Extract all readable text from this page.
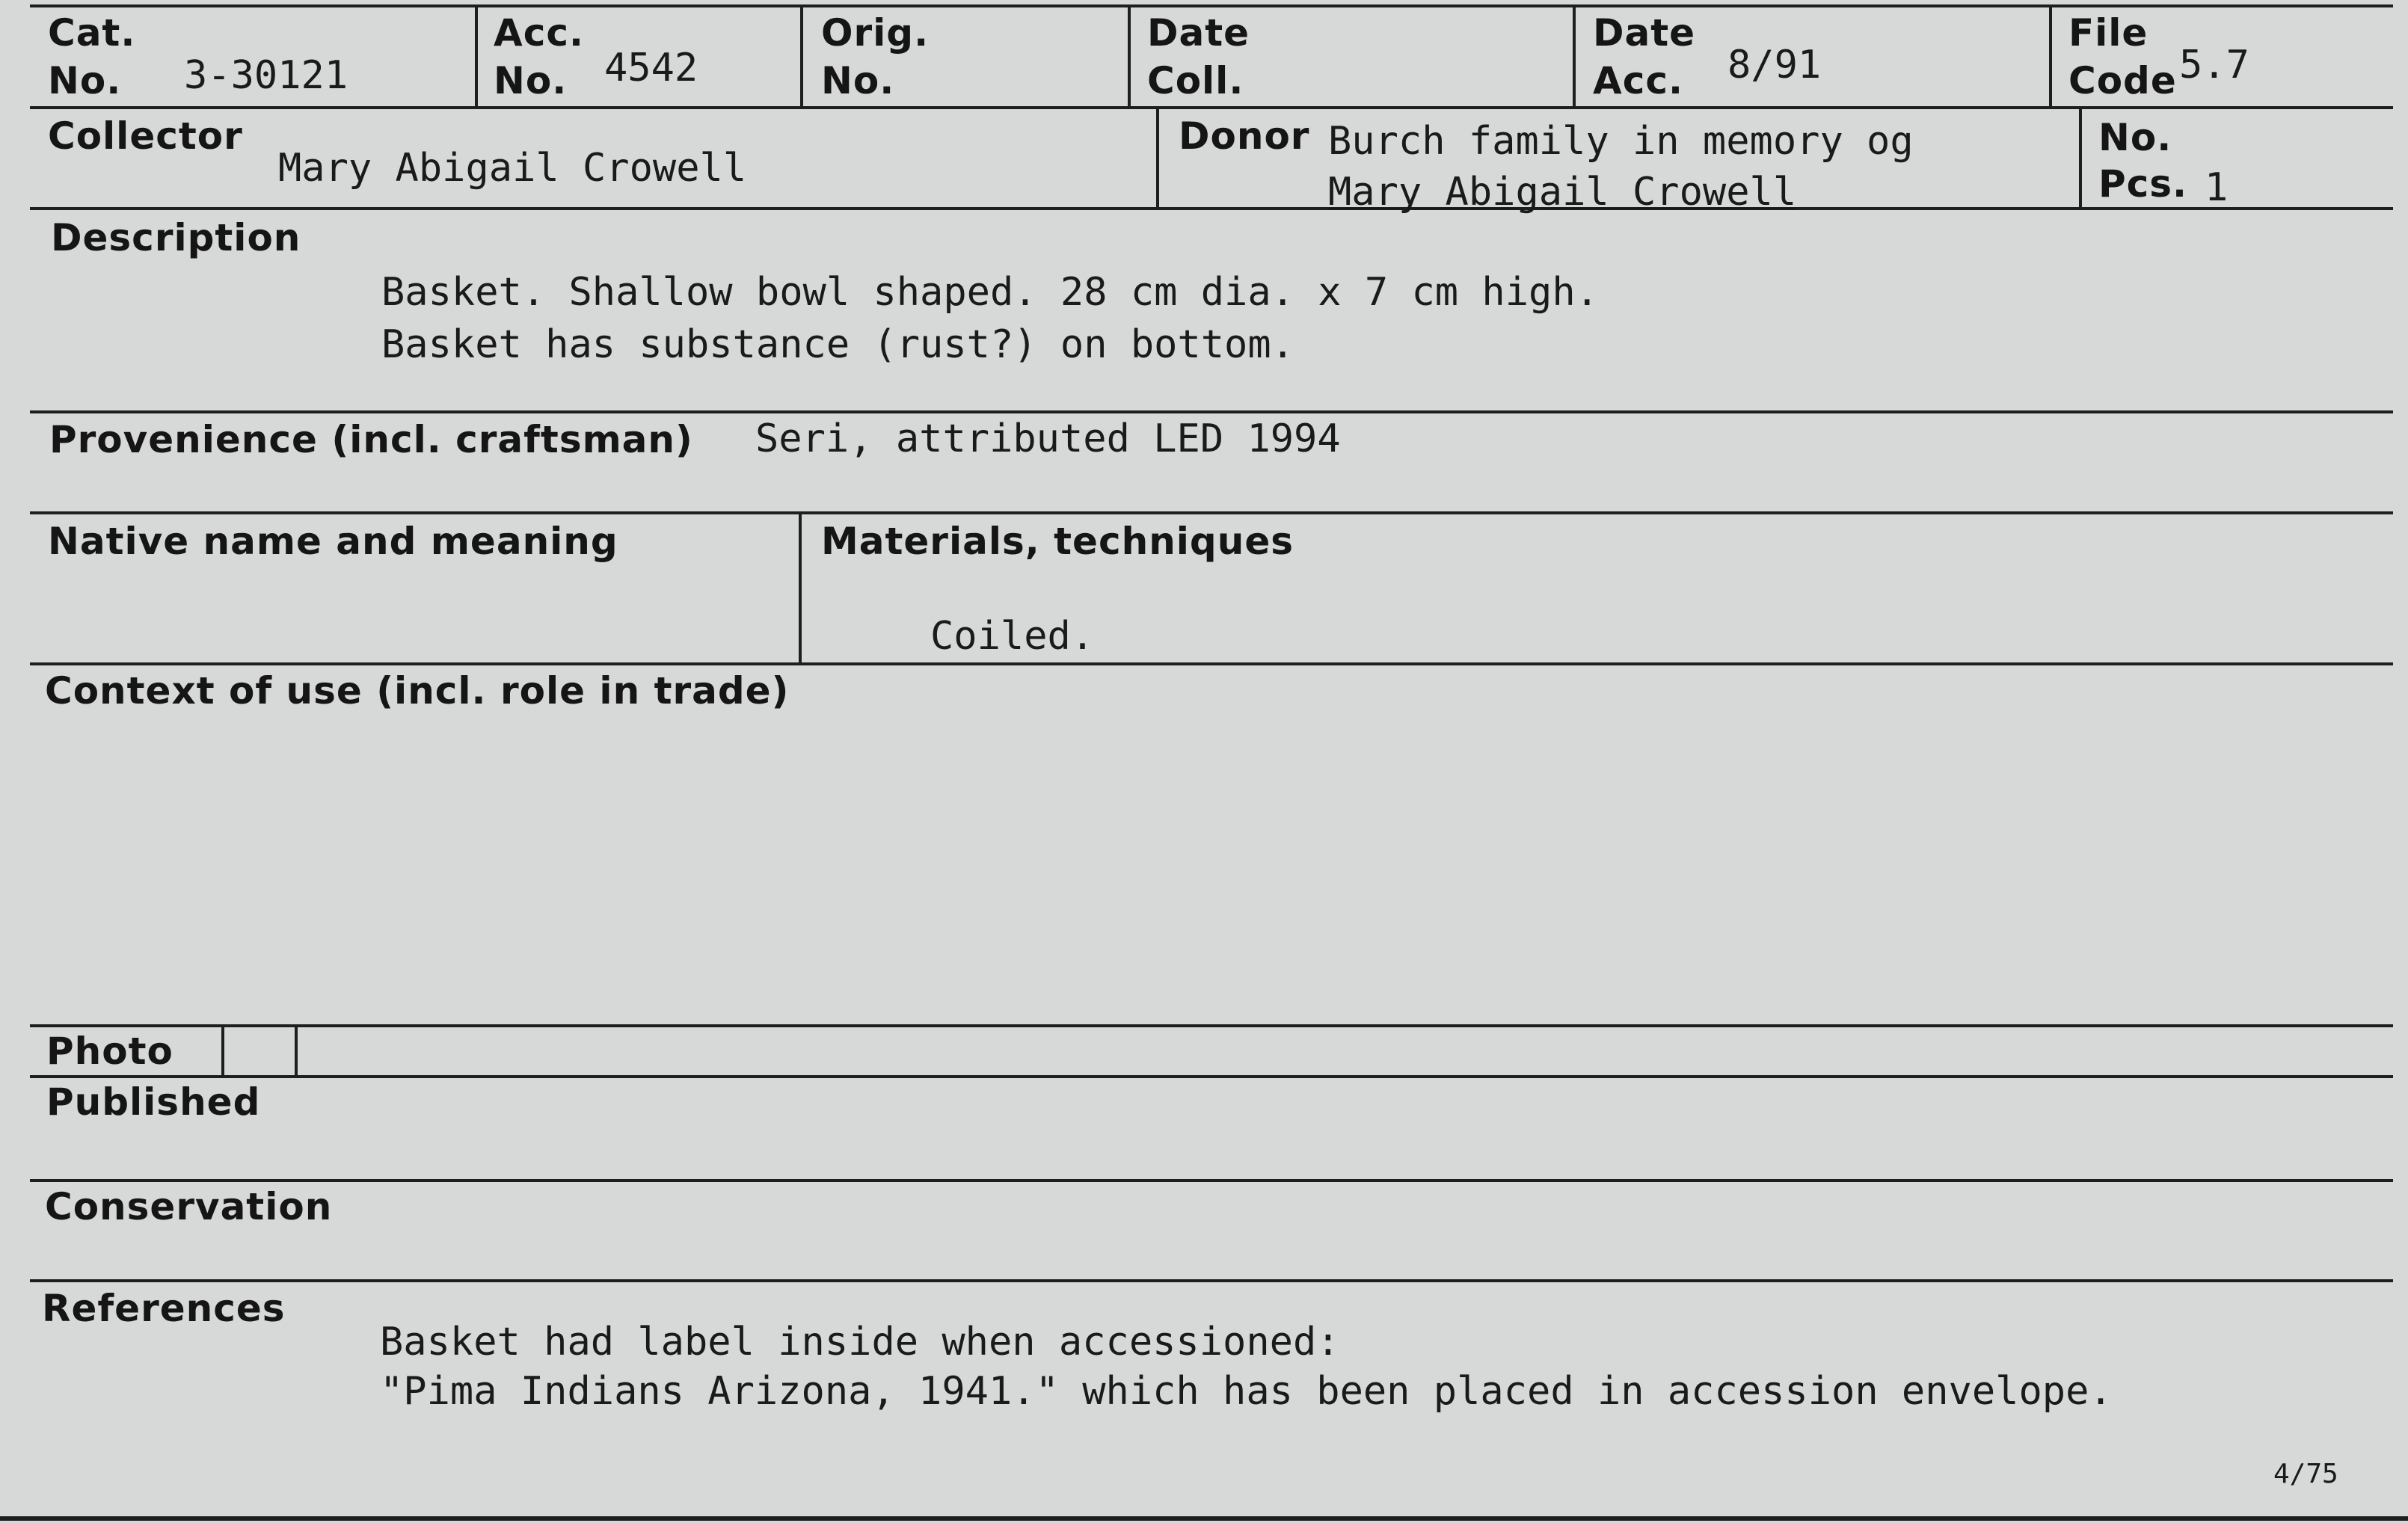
Cat.
No. 3-30121
Acc.
No. 4542
Orig.
No.
Date
Coll.
Date
Acc. 8/91
File
Code 5.7
Collector
Mary Abigail Crowell
Donor Burch family in memory og
Mary Abigail Crowell
No.
Pcs. 1
Description
Basket. Shallow bowl shaped. 28 cm dia. x 7 cm high.
Basket has substance (rust?) on bottom.
Provenience (incl. craftsman) Seri, attributed LED 1994
Native name and meaning	Materials, techniques
Coiled.
Context of use (incl. role in trade)
Photo
Published
Conservation
References
Basket had label inside when accessioned:
"Pima Indians Arizona, 1941." which has been placed in accession envelope.
4/75
